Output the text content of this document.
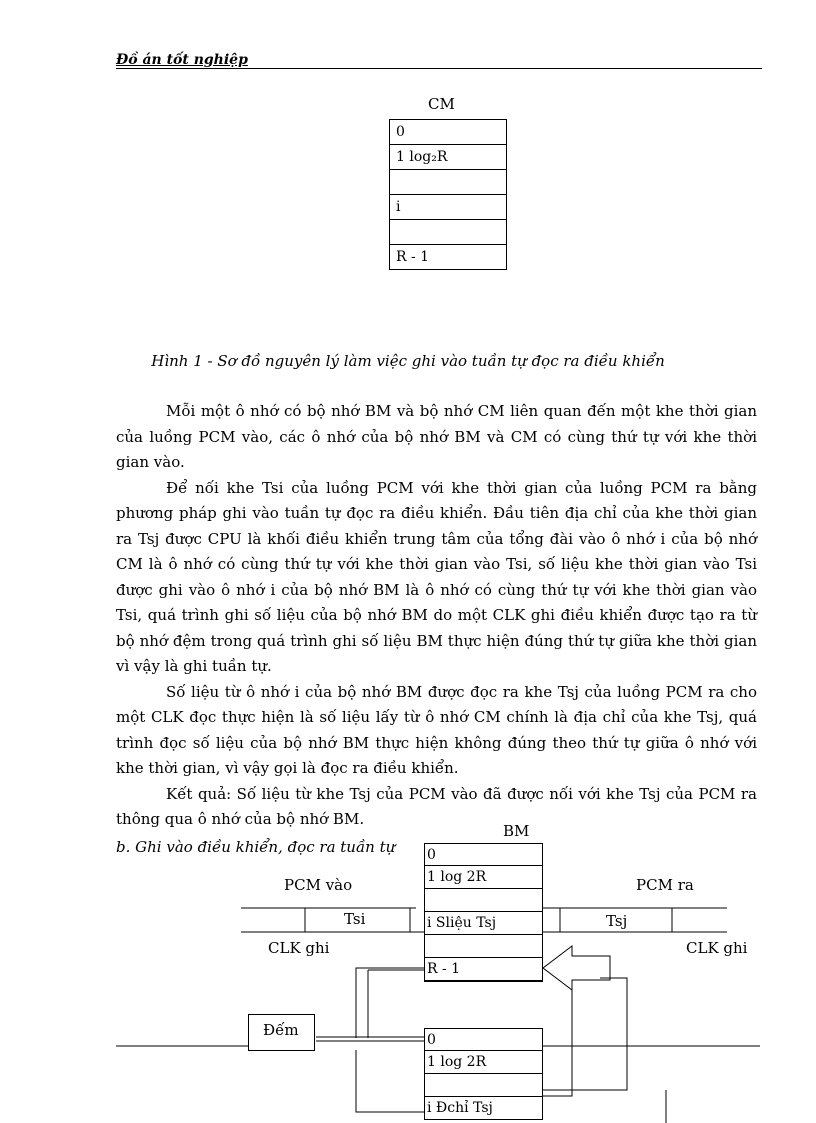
Đồ án tốt nghiệp
CM
0
1 log₂R
i
R - 1
Hình 1 - Sơ đồ nguyên lý làm việc ghi vào tuần tự đọc ra điều khiển

Mỗi một ô nhớ có bộ nhớ BM và bộ nhớ CM liên quan đến một khe thời gian của luồng PCM vào, các ô nhớ của bộ nhớ BM và CM có cùng thứ tự với khe thời gian vào.

Để nối khe Tsi của luồng PCM với khe thời gian của luồng PCM ra bằng phương pháp ghi vào tuần tự đọc ra điều khiển. Đầu tiên địa chỉ của khe thời gian ra Tsj được CPU là khối điều khiển trung tâm của tổng đài vào ô nhớ i của bộ nhớ CM là ô nhớ có cùng thứ tự với khe thời gian vào Tsi, số liệu khe thời gian vào Tsi được ghi vào ô nhớ i của bộ nhớ BM là ô nhớ có cùng thứ tự với khe thời gian vào Tsi, quá trình ghi số liệu của bộ nhớ BM do một CLK ghi điều khiển được tạo ra từ bộ nhớ đệm trong quá trình ghi số liệu BM thực hiện đúng thứ tự giữa khe thời gian vì vậy là ghi tuần tự.

Số liệu từ ô nhớ i của bộ nhớ BM được đọc ra khe Tsj của luồng PCM ra cho một CLK đọc thực hiện là số liệu lấy từ ô nhớ CM chính là địa chỉ của khe Tsj, quá trình đọc số liệu của bộ nhớ BM thực hiện không đúng theo thứ tự giữa ô nhớ với khe thời gian, vì vậy gọi là đọc ra điều khiển.

Kết quả: Số liệu từ khe Tsj của PCM vào đã được nối với khe Tsj của PCM ra thông qua ô nhớ của bộ nhớ BM.

b. Ghi vào điều khiển, đọc ra tuần tự
BM
0
1 log 2R
i Sliệu Tsj
R - 1
0
1 log 2R
i Đchỉ Tsj
Đếm
PCM vào	PCM ra
Tsi	Tsj
CLK ghi	CLK ghi
